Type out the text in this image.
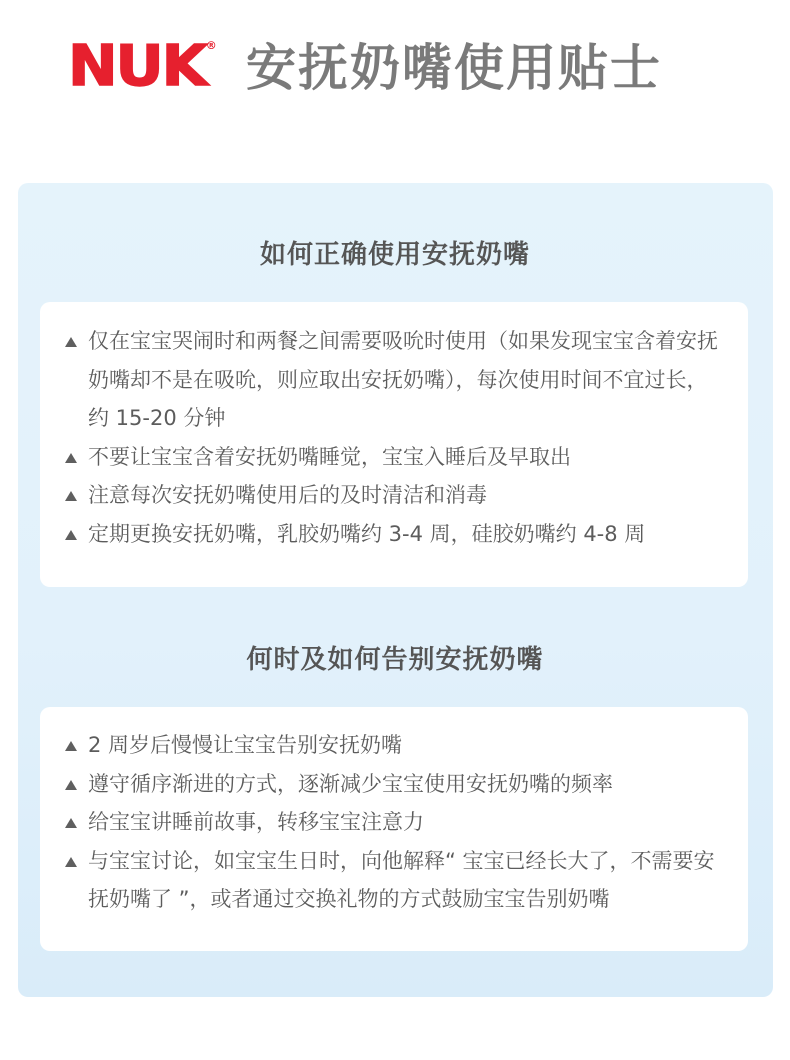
NUK ® 安抚奶嘴使用贴士
如何正确使用安抚奶嘴
仅在宝宝哭闹时和两餐之间需要吸吮时使用（如果发现宝宝含着安抚奶嘴却不是在吸吮，则应取出安抚奶嘴），每次使用时间不宜过长，约 15-20 分钟
不要让宝宝含着安抚奶嘴睡觉，宝宝入睡后及早取出
注意每次安抚奶嘴使用后的及时清洁和消毒
定期更换安抚奶嘴，乳胶奶嘴约 3-4 周，硅胶奶嘴约 4-8 周
何时及如何告别安抚奶嘴
2 周岁后慢慢让宝宝告别安抚奶嘴
遵守循序渐进的方式，逐渐减少宝宝使用安抚奶嘴的频率
给宝宝讲睡前故事，转移宝宝注意力
与宝宝讨论，如宝宝生日时，向他解释“ 宝宝已经长大了，不需要安抚奶嘴了 ”，或者通过交换礼物的方式鼓励宝宝告别奶嘴
